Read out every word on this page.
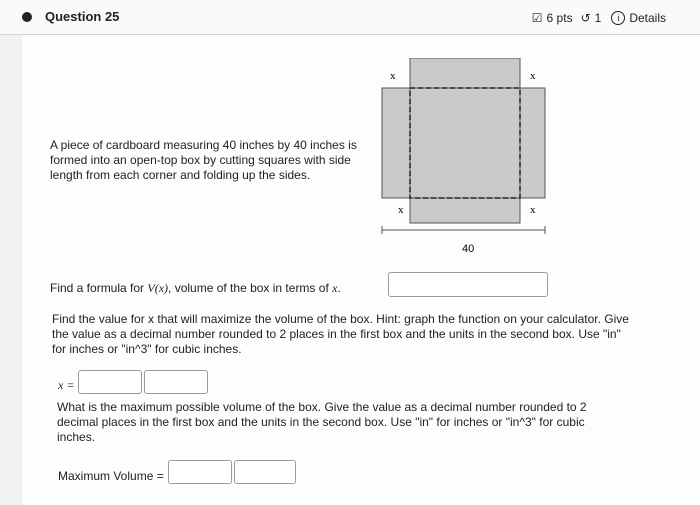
Question 25	☑ 6 pts ↺ 1	i Details
A piece of cardboard measuring 40 inches by 40 inches is formed into an open-top box by cutting squares with side length from each corner and folding up the sides.
x	x
x	x
40
Find a formula for V(x), volume of the box in terms of x.
Find the value for x that will maximize the volume of the box. Hint: graph the function on your calculator. Give the value as a decimal number rounded to 2 places in the first box and the units in the second box. Use "in" for inches or "in^3" for cubic inches.
x =
What is the maximum possible volume of the box. Give the value as a decimal number rounded to 2 decimal places in the first box and the units in the second box. Use "in" for inches or "in^3" for cubic inches.
Maximum Volume =
